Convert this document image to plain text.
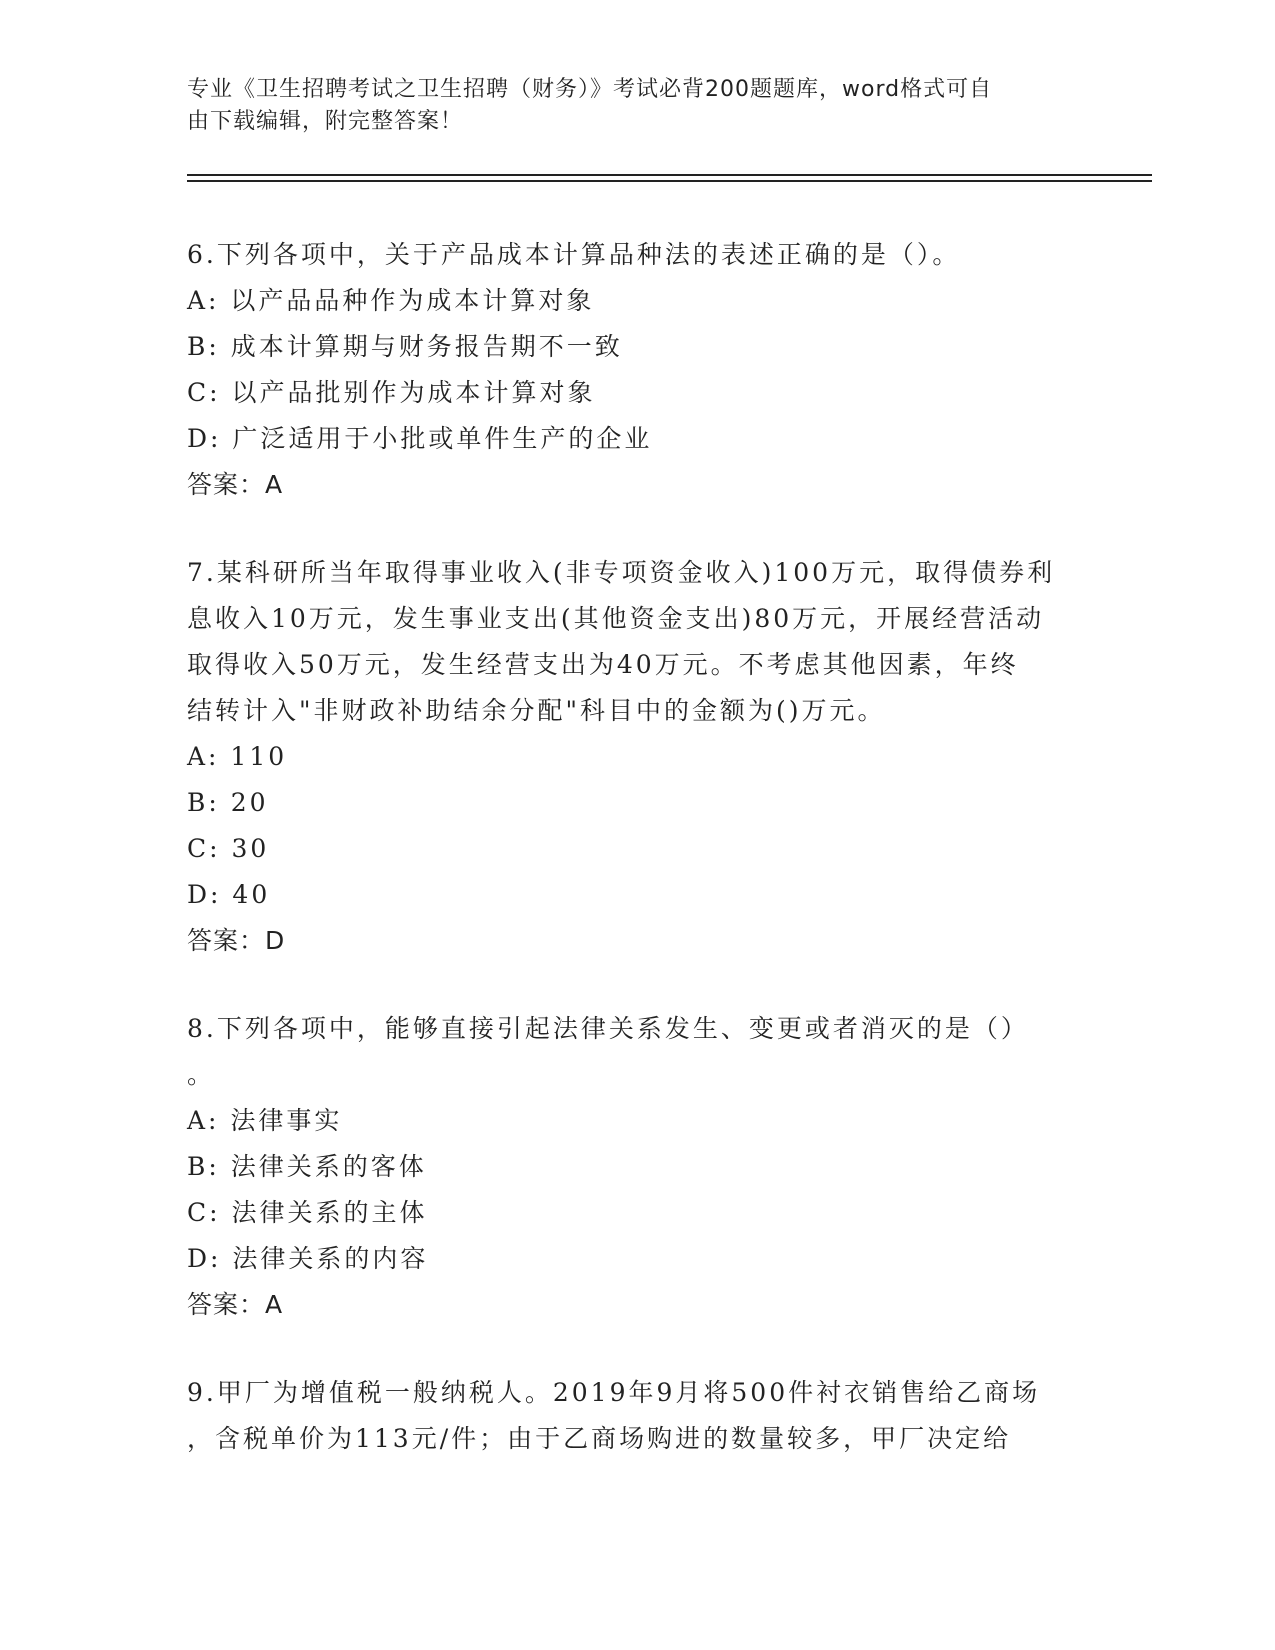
专业《卫生招聘考试之卫生招聘（财务）》考试必背200题题库，word格式可自
由下载编辑，附完整答案！
6.下列各项中，关于产品成本计算品种法的表述正确的是（）。
A: 以产品品种作为成本计算对象
B: 成本计算期与财务报告期不一致
C: 以产品批别作为成本计算对象
D: 广泛适用于小批或单件生产的企业
答案：A
7.某科研所当年取得事业收入(非专项资金收入)100万元，取得债券利
息收入10万元，发生事业支出(其他资金支出)80万元，开展经营活动
取得收入50万元，发生经营支出为40万元。不考虑其他因素，年终
结转计入"非财政补助结余分配"科目中的金额为()万元。
A: 110
B: 20
C: 30
D: 40
答案：D
8.下列各项中，能够直接引起法律关系发生、变更或者消灭的是（）
。
A: 法律事实
B: 法律关系的客体
C: 法律关系的主体
D: 法律关系的内容
答案：A
9.甲厂为增值税一般纳税人。2019年9月将500件衬衣销售给乙商场
，含税单价为113元/件；由于乙商场购进的数量较多，甲厂决定给
